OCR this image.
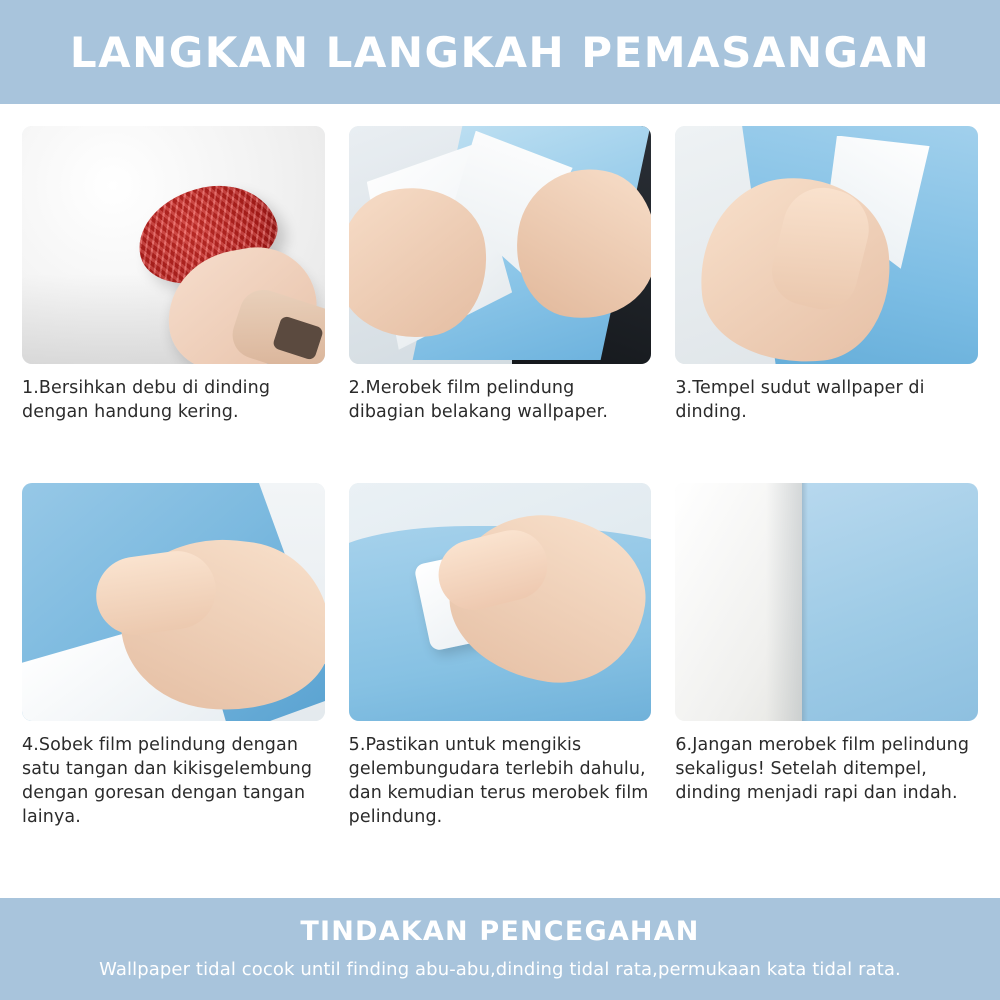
LANGKAN LANGKAH PEMASANGAN
1.Bersihkan debu di dinding dengan handung kering.
2.Merobek film pelindung dibagian belakang wallpaper.
3.Tempel sudut wallpaper di dinding.
4.Sobek film pelindung dengan satu tangan dan kikisgelembung dengan goresan dengan tangan lainya.
5.Pastikan untuk mengikis gelembungudara terlebih dahulu, dan kemudian terus merobek film pelindung.
6.Jangan merobek film pelindung sekaligus! Setelah ditempel, dinding menjadi rapi dan indah.
TINDAKAN PENCEGAHAN
Wallpaper tidal cocok until finding abu-abu,dinding tidal rata,permukaan kata tidal rata.
